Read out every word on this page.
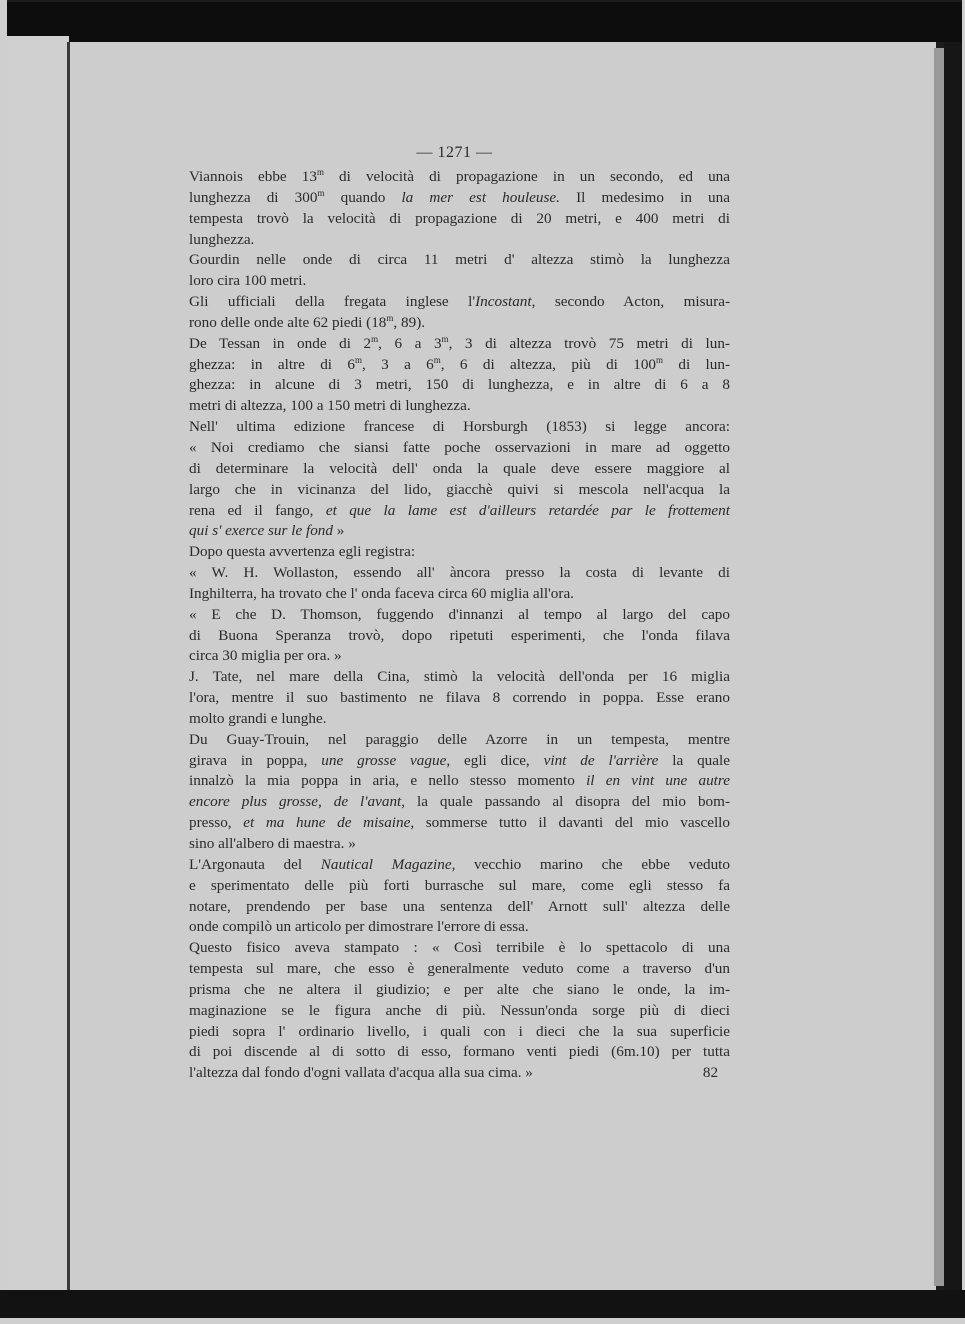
— 1271 —
Viannois ebbe 13$^m$ di velocità di propagazione in un secondo, ed una
lunghezza di 300$^m$ quando la mer est houleuse. Il medesimo in una
tempesta trovò la velocità di propagazione di 20 metri, e 400 metri di
lunghezza.
Gourdin nelle onde di circa 11 metri d' altezza stimò la lunghezza
loro cira 100 metri.
Gli ufficiali della fregata inglese l'Incostant, secondo Acton, misura-
rono delle onde alte 62 piedi (18$^m$, 89).
De Tessan in onde di 2$^m$, 6 a 3$^m$, 3 di altezza trovò 75 metri di lun-
ghezza: in altre di 6$^m$, 3 a 6$^m$, 6 di altezza, più di 100$^m$ di lun-
ghezza: in alcune di 3 metri, 150 di lunghezza, e in altre di 6 a 8
metri di altezza, 100 a 150 metri di lunghezza.
Nell' ultima edizione francese di Horsburgh (1853) si legge ancora:
« Noi crediamo che siansi fatte poche osservazioni in mare ad oggetto
di determinare la velocità dell' onda la quale deve essere maggiore al
largo che in vicinanza del lido, giacchè quivi si mescola nell'acqua la
rena ed il fango, et que la lame est d'ailleurs retardée par le frottement
qui s' exerce sur le fond »
Dopo questa avvertenza egli registra:
« W. H. Wollaston, essendo all' àncora presso la costa di levante di
Inghilterra, ha trovato che l' onda faceva circa 60 miglia all'ora.
« E che D. Thomson, fuggendo d'innanzi al tempo al largo del capo
di Buona Speranza trovò, dopo ripetuti esperimenti, che l'onda filava
circa 30 miglia per ora. »
J. Tate, nel mare della Cina, stimò la velocità dell'onda per 16 miglia
l'ora, mentre il suo bastimento ne filava 8 correndo in poppa. Esse erano
molto grandi e lunghe.
Du Guay-Trouin, nel paraggio delle Azorre in un tempesta, mentre
girava in poppa, une grosse vague, egli dice, vint de l'arrière la quale
innalzò la mia poppa in aria, e nello stesso momento il en vint une autre
encore plus grosse, de l'avant, la quale passando al disopra del mio bom-
presso, et ma hune de misaine, sommerse tutto il davanti del mio vascello
sino all'albero di maestra. »
L'Argonauta del Nautical Magazine, vecchio marino che ebbe veduto
e sperimentato delle più forti burrasche sul mare, come egli stesso fa
notare, prendendo per base una sentenza dell' Arnott sull' altezza delle
onde compilò un articolo per dimostrare l'errore di essa.
Questo fisico aveva stampato : « Così terribile è lo spettacolo di una
tempesta sul mare, che esso è generalmente veduto come a traverso d'un
prisma che ne altera il giudizio; e per alte che siano le onde, la im-
maginazione se le figura anche di più. Nessun'onda sorge più di dieci
piedi sopra l' ordinario livello, i quali con i dieci che la sua superficie
di poi discende al di sotto di esso, formano venti piedi (6m.10) per tutta
l'altezza dal fondo d'ogni vallata d'acqua alla sua cima. »	82
